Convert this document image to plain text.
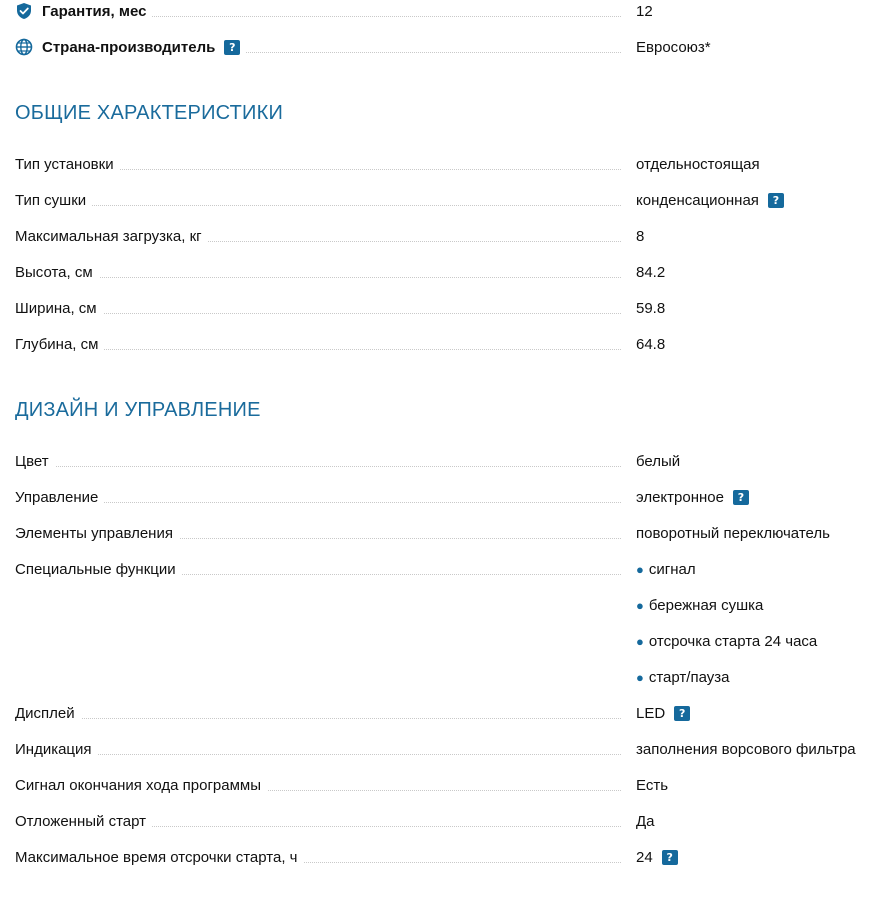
Гарантия, мес	12
Страна-производитель	?	Евросоюз*
ОБЩИЕ ХАРАКТЕРИСТИКИ
Тип установки	отдельностоящая
Тип сушки	конденсационная	?
Максимальная загрузка, кг	8
Высота, см	84.2
Ширина, см	59.8
Глубина, см	64.8
ДИЗАЙН И УПРАВЛЕНИЕ
Цвет	белый
Управление	электронное	?
Элементы управления	поворотный переключатель
Специальные функции	● сигнал
● бережная сушка
● отсрочка старта 24 часа
● старт/пауза
Дисплей	LED	?
Индикация	заполнения ворсового фильтра
Сигнал окончания хода программы	Есть
Отложенный старт	Да
Максимальное время отсрочки старта, ч	24	?
